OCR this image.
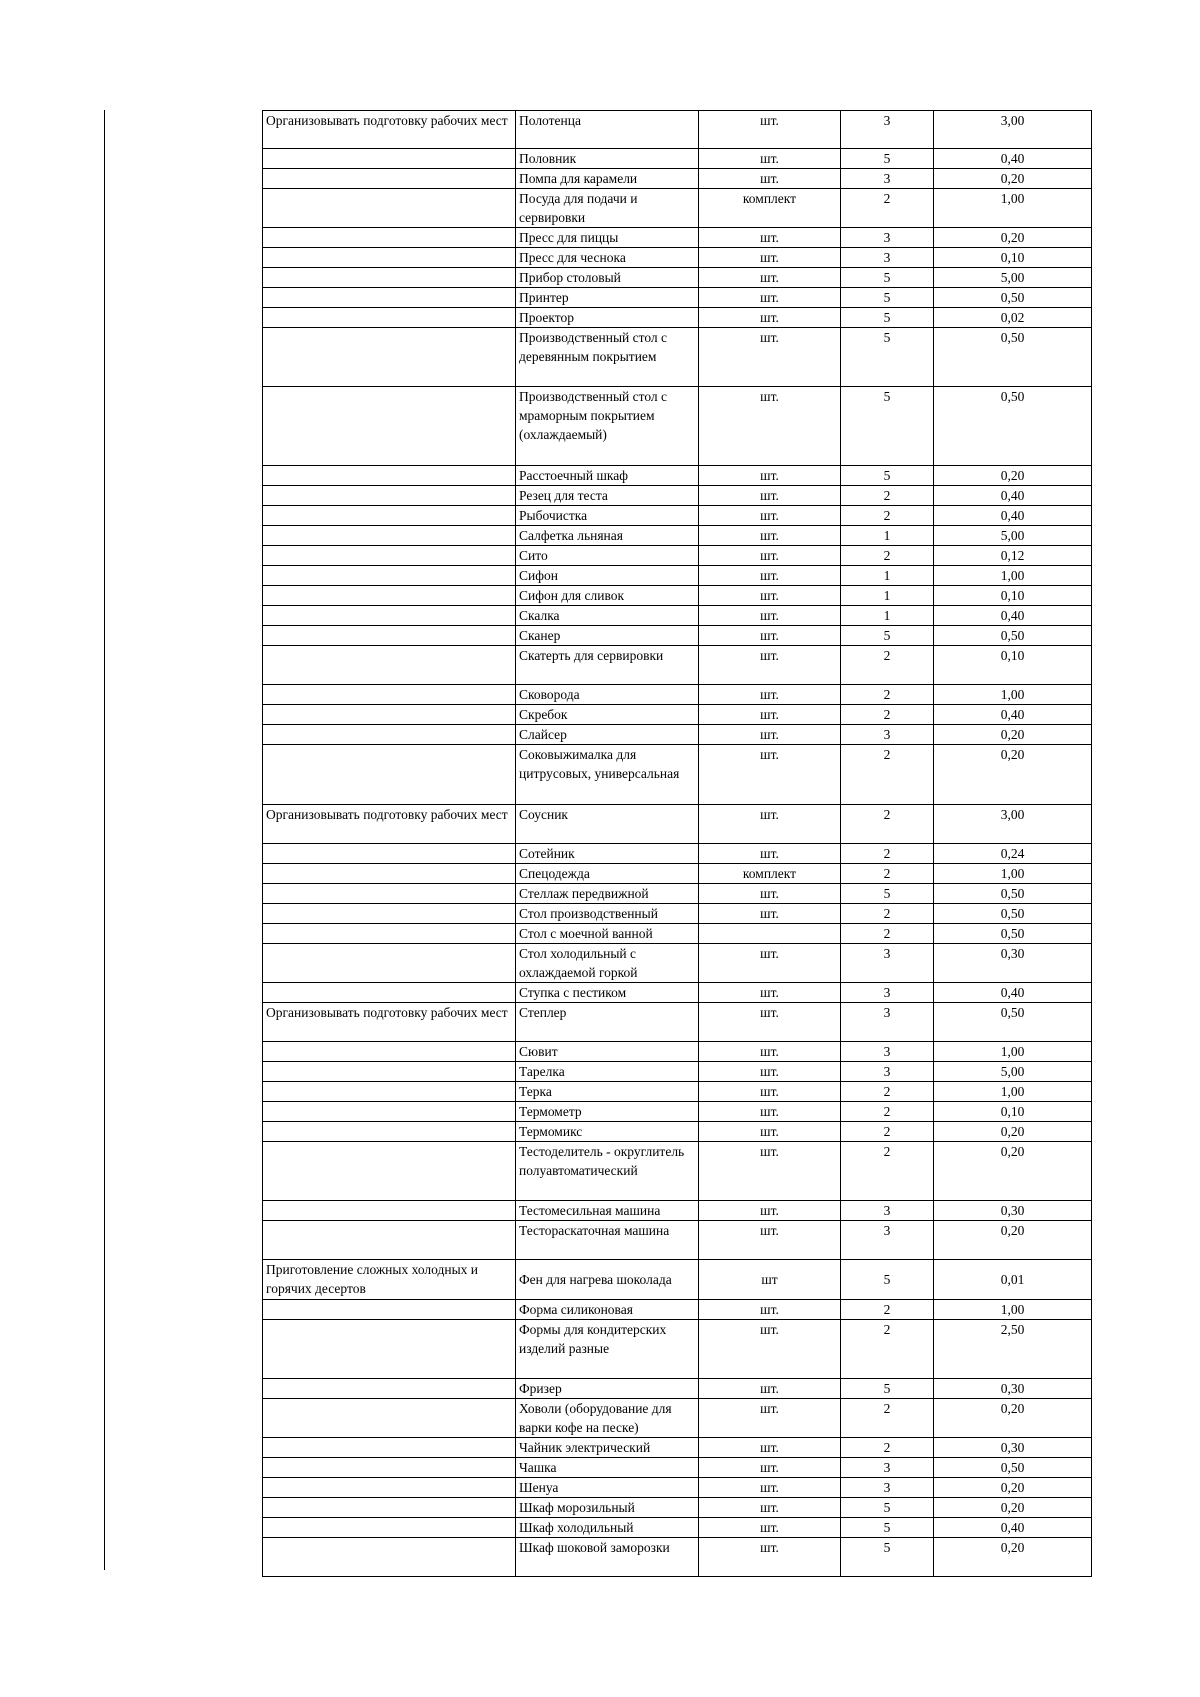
Организовывать подготовку рабочих мест	Полотенца	шт.	3	3,00
	Половник	шт.	5	0,40
	Помпа для карамели	шт.	3	0,20
	Посуда для подачи и сервировки	комплект	2	1,00
	Пресс для пиццы	шт.	3	0,20
	Пресс для чеснока	шт.	3	0,10
	Прибор столовый	шт.	5	5,00
	Принтер	шт.	5	0,50
	Проектор	шт.	5	0,02
	Производственный стол с деревянным покрытием	шт.	5	0,50
	Производственный стол с мраморным покрытием (охлаждаемый)	шт.	5	0,50
	Расстоечный шкаф	шт.	5	0,20
	Резец для теста	шт.	2	0,40
	Рыбочистка	шт.	2	0,40
	Салфетка льняная	шт.	1	5,00
	Сито	шт.	2	0,12
	Сифон	шт.	1	1,00
	Сифон для сливок	шт.	1	0,10
	Скалка	шт.	1	0,40
	Сканер	шт.	5	0,50
	Скатерть для сервировки	шт.	2	0,10
	Сковорода	шт.	2	1,00
	Скребок	шт.	2	0,40
	Слайсер	шт.	3	0,20
	Соковыжималка для цитрусовых, универсальная	шт.	2	0,20
Организовывать подготовку рабочих мест	Соусник	шт.	2	3,00
	Сотейник	шт.	2	0,24
	Спецодежда	комплект	2	1,00
	Стеллаж передвижной	шт.	5	0,50
	Стол производственный	шт.	2	0,50
	Стол с моечной ванной		2	0,50
	Стол холодильный с охлаждаемой горкой	шт.	3	0,30
	Ступка с пестиком	шт.	3	0,40
Организовывать подготовку рабочих мест	Степлер	шт.	3	0,50
	Сювит	шт.	3	1,00
	Тарелка	шт.	3	5,00
	Терка	шт.	2	1,00
	Термометр	шт.	2	0,10
	Термомикс	шт.	2	0,20
	Тестоделитель - округлитель полуавтоматический	шт.	2	0,20
	Тестомесильная машина	шт.	3	0,30
	Тестораскаточная машина	шт.	3	0,20
Приготовление сложных холодных и горячих десертов	Фен для нагрева шоколада	шт	5	0,01
	Форма силиконовая	шт.	2	1,00
	Формы для кондитерских изделий разные	шт.	2	2,50
	Фризер	шт.	5	0,30
	Ховоли (оборудование для варки кофе на песке)	шт.	2	0,20
	Чайник электрический	шт.	2	0,30
	Чашка	шт.	3	0,50
	Шенуа	шт.	3	0,20
	Шкаф морозильный	шт.	5	0,20
	Шкаф холодильный	шт.	5	0,40
	Шкаф шоковой заморозки	шт.	5	0,20
